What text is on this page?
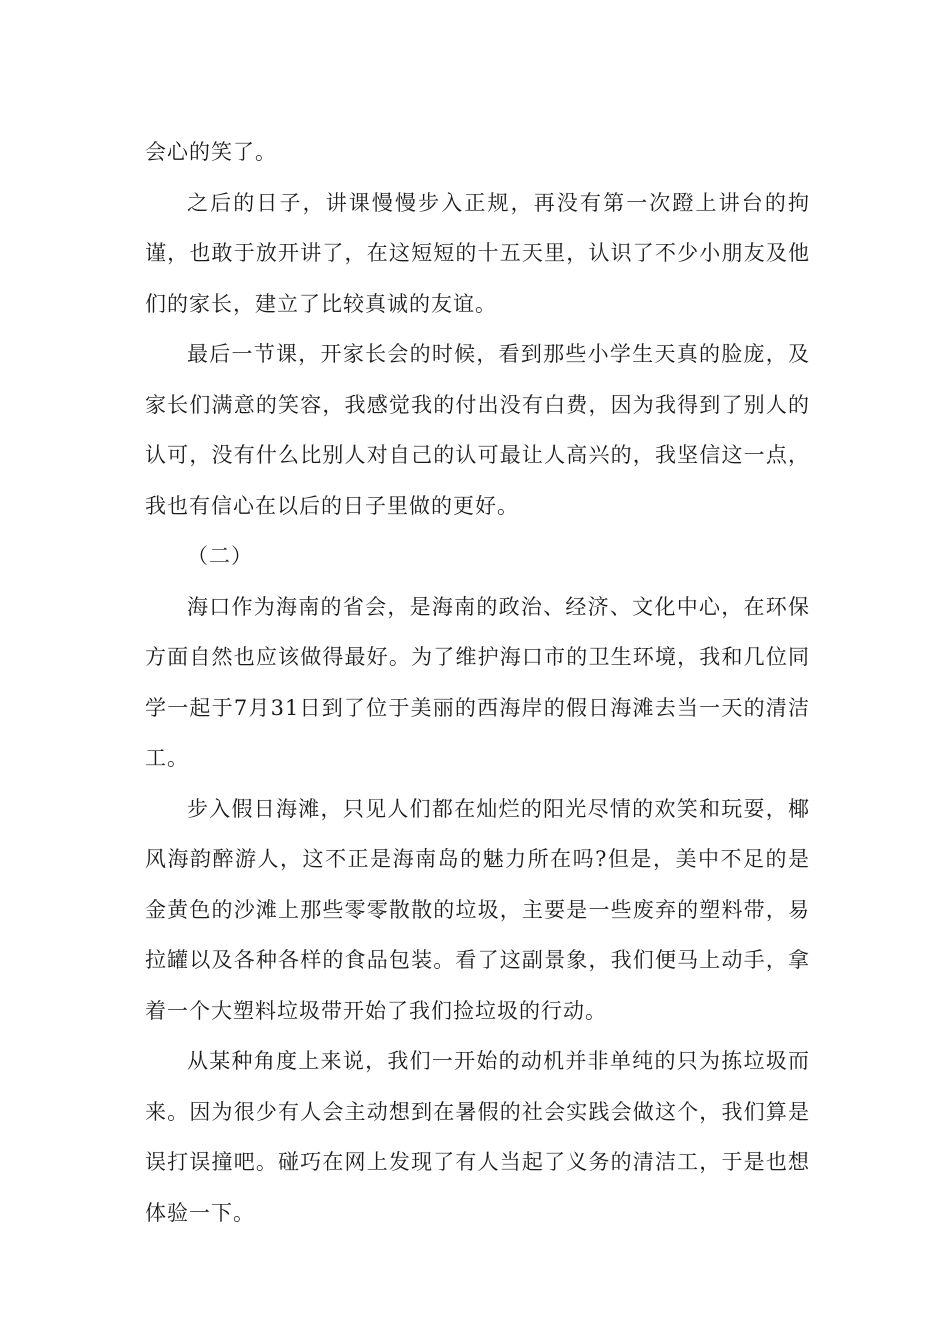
会心的笑了。

之后的日子，讲课慢慢步入正规，再没有第一次蹬上讲台的拘谨，也敢于放开讲了，在这短短的十五天里，认识了不少小朋友及他们的家长，建立了比较真诚的友谊。

最后一节课，开家长会的时候，看到那些小学生天真的脸庞，及家长们满意的笑容，我感觉我的付出没有白费，因为我得到了别人的认可，没有什么比别人对自己的认可最让人高兴的，我坚信这一点，我也有信心在以后的日子里做的更好。

（二）

海口作为海南的省会，是海南的政治、经济、文化中心，在环保方面自然也应该做得最好。为了维护海口市的卫生环境，我和几位同学一起于7月31日到了位于美丽的西海岸的假日海滩去当一天的清洁工。

步入假日海滩，只见人们都在灿烂的阳光尽情的欢笑和玩耍，椰风海韵醉游人，这不正是海南岛的魅力所在吗?但是，美中不足的是金黄色的沙滩上那些零零散散的垃圾，主要是一些废弃的塑料带，易拉罐以及各种各样的食品包装。看了这副景象，我们便马上动手，拿着一个大塑料垃圾带开始了我们捡垃圾的行动。

从某种角度上来说，我们一开始的动机并非单纯的只为拣垃圾而来。因为很少有人会主动想到在暑假的社会实践会做这个，我们算是误打误撞吧。碰巧在网上发现了有人当起了义务的清洁工，于是也想体验一下。
